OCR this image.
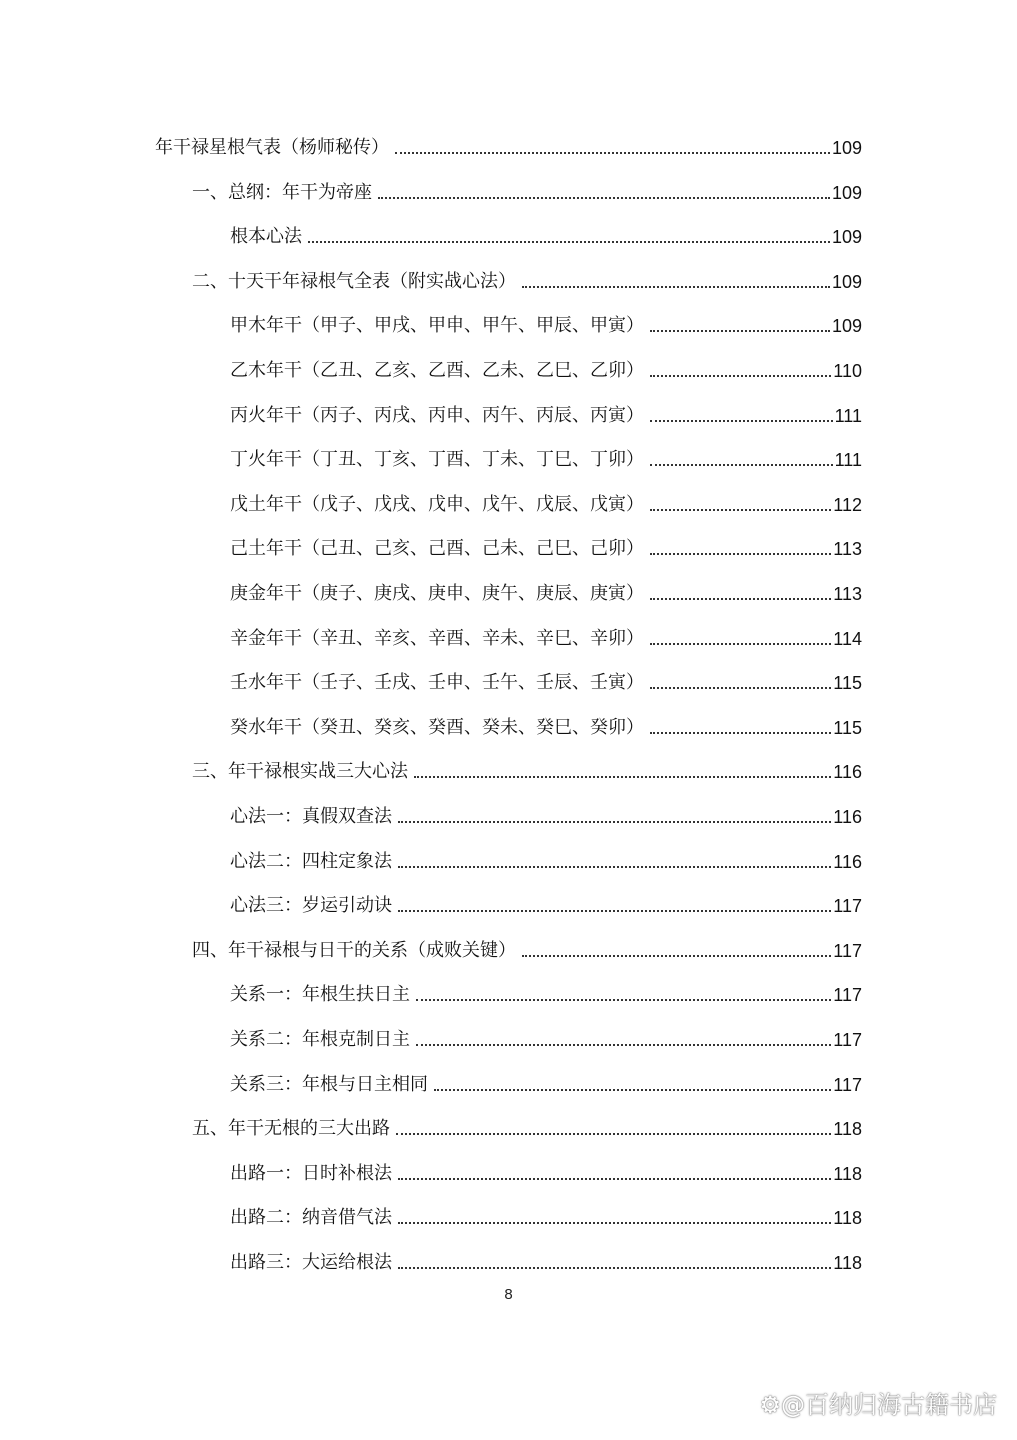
年干禄星根气表（杨师秘传）	109
一、总纲：年干为帝座	109
根本心法	109
二、十天干年禄根气全表（附实战心法）	109
甲木年干（甲子、甲戌、甲申、甲午、甲辰、甲寅）	109
乙木年干（乙丑、乙亥、乙酉、乙未、乙巳、乙卯）	110
丙火年干（丙子、丙戌、丙申、丙午、丙辰、丙寅）	111
丁火年干（丁丑、丁亥、丁酉、丁未、丁巳、丁卯）	111
戊土年干（戊子、戊戌、戊申、戊午、戊辰、戊寅）	112
己土年干（己丑、己亥、己酉、己未、己巳、己卯）	113
庚金年干（庚子、庚戌、庚申、庚午、庚辰、庚寅）	113
辛金年干（辛丑、辛亥、辛酉、辛未、辛巳、辛卯）	114
壬水年干（壬子、壬戌、壬申、壬午、壬辰、壬寅）	115
癸水年干（癸丑、癸亥、癸酉、癸未、癸巳、癸卯）	115
三、年干禄根实战三大心法	116
心法一：真假双查法	116
心法二：四柱定象法	116
心法三：岁运引动诀	117
四、年干禄根与日干的关系（成败关键）	117
关系一：年根生扶日主	117
关系二：年根克制日主	117
关系三：年根与日主相同	117
五、年干无根的三大出路	118
出路一：日时补根法	118
出路二：纳音借气法	118
出路三：大运给根法	118
8
⚙@百纳归海古籍书店
